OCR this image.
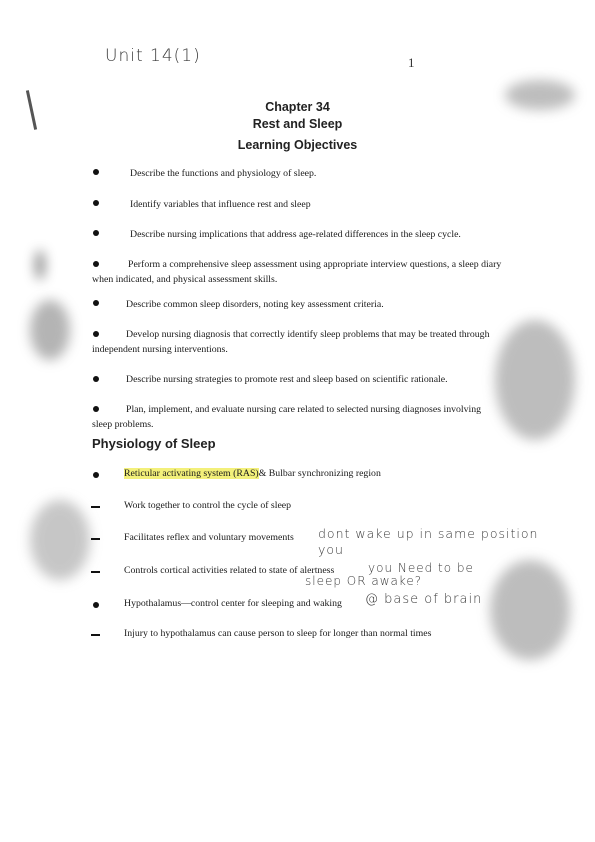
Unit 14(1)	1
Chapter 34
Rest and Sleep
Learning Objectives
Describe the functions and physiology of sleep.
Identify variables that influence rest and sleep
Describe nursing implications that address age-related differences in the sleep cycle.
Perform a comprehensive sleep assessment using appropriate interview questions, a sleep diary when indicated, and physical assessment skills.
Describe common sleep disorders, noting key assessment criteria.
Develop nursing diagnosis that correctly identify sleep problems that may be treated through independent nursing interventions.
Describe nursing strategies to promote rest and sleep based on scientific rationale.
Plan, implement, and evaluate nursing care related to selected nursing diagnoses involving sleep problems.
Physiology of Sleep
Reticular activating system (RAS)& Bulbar synchronizing region
Work together to control the cycle of sleep
Facilitates reflex and voluntary movements	dont wake up in same position
you
Controls cortical activities related to state of alertness	you Need to be
sleep OR awake?
Hypothalamus—control center for sleeping and waking	@ base of brain
Injury to hypothalamus can cause person to sleep for longer than normal times
